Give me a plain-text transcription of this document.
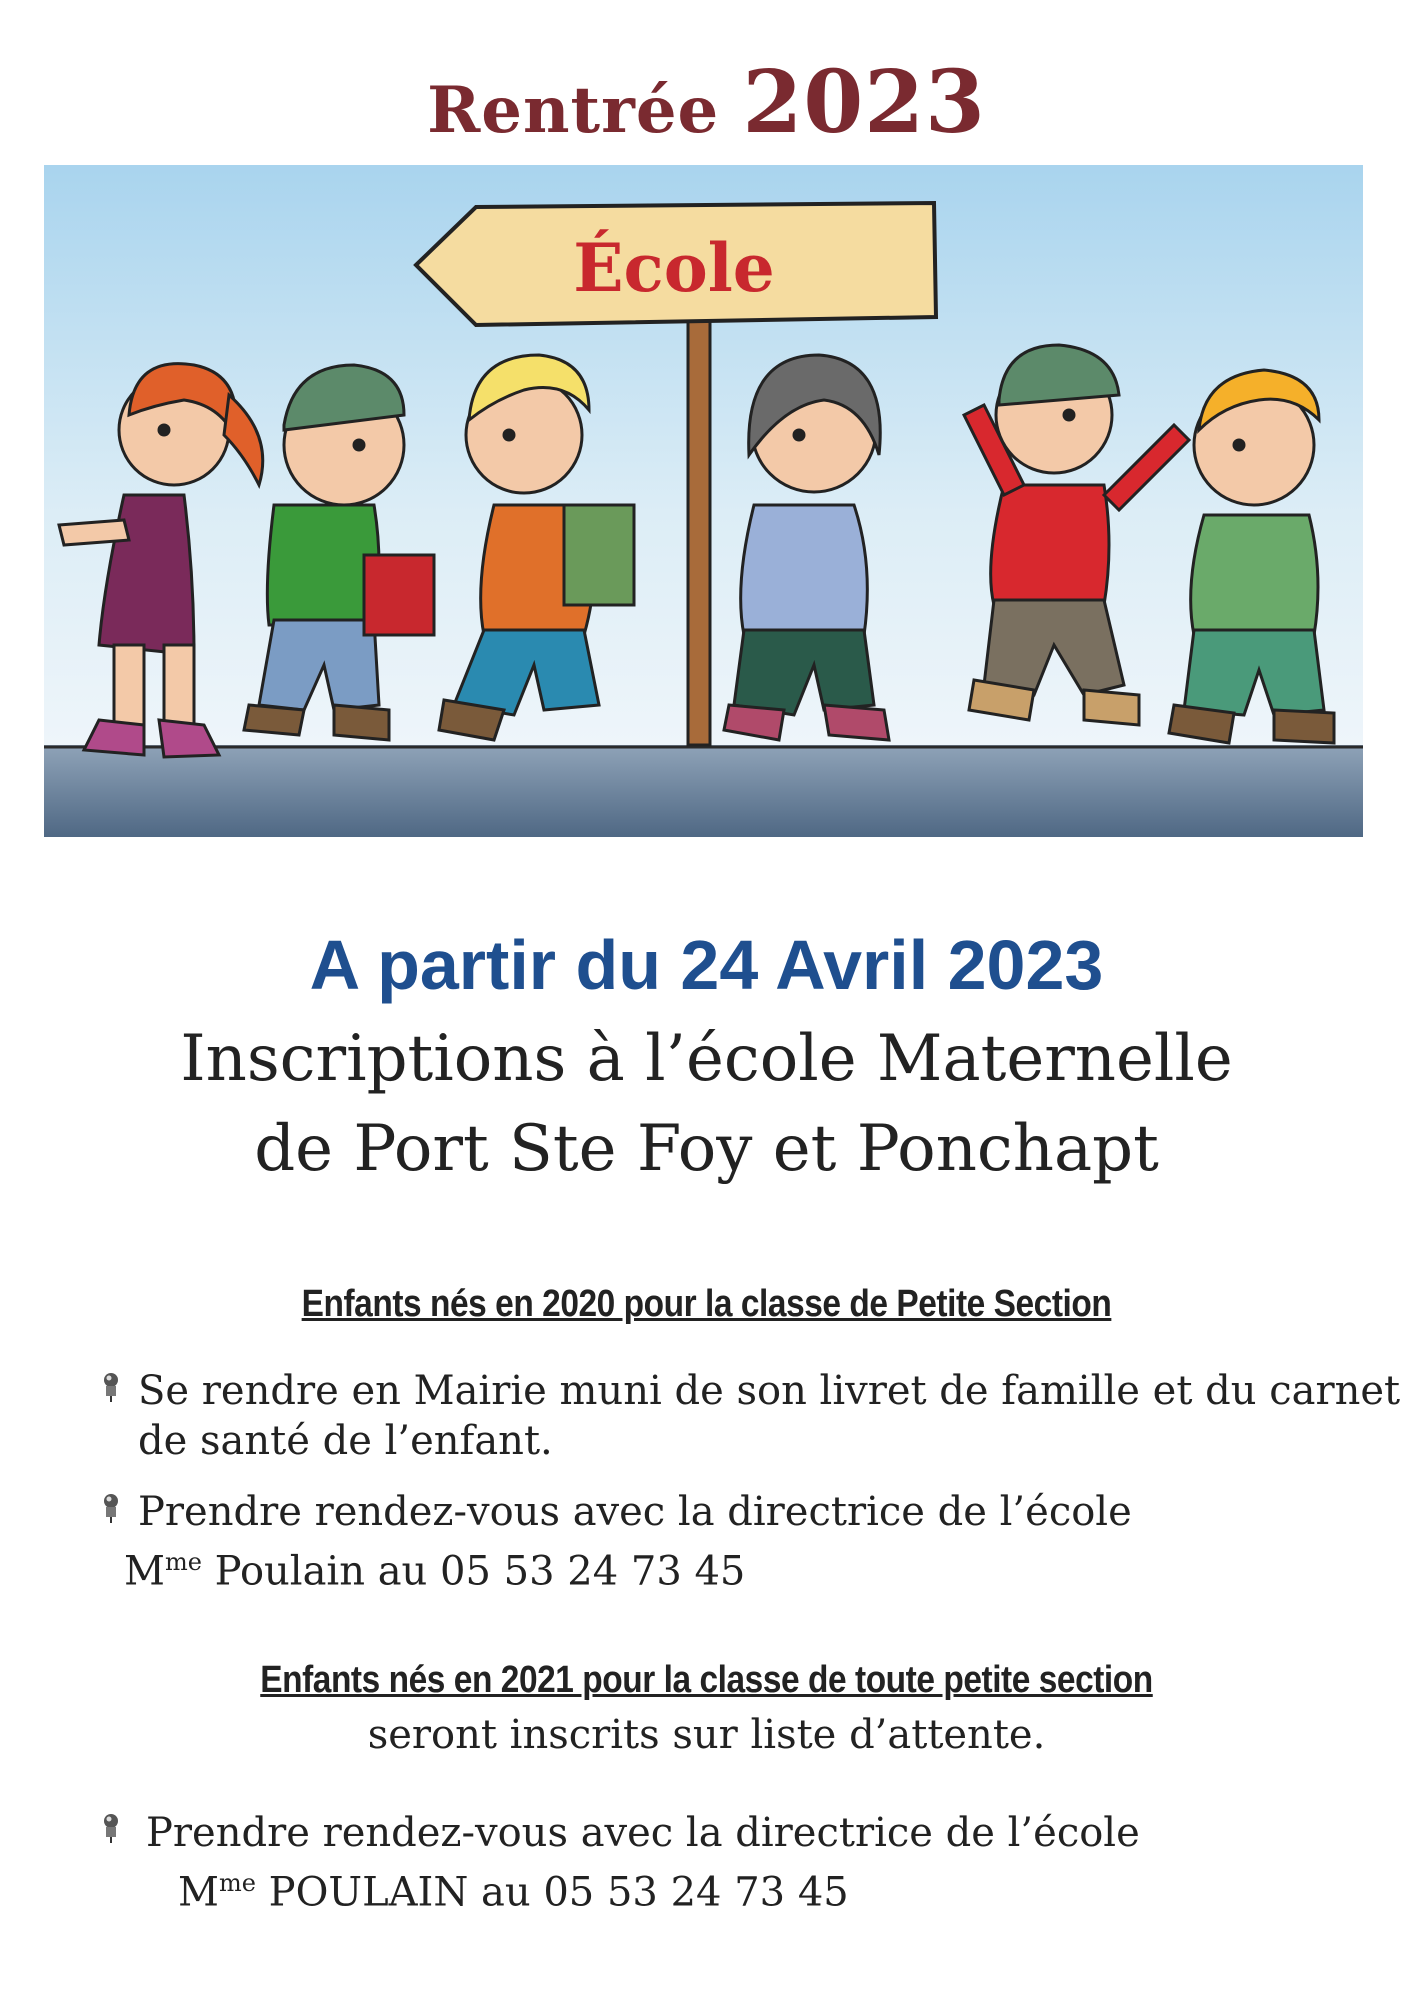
Rentrée 2023
École
A partir du 24 Avril 2023
Inscriptions à l’école Maternelle
de Port Ste Foy et Ponchapt
Enfants nés en 2020 pour la classe de Petite Section
Se rendre en Mairie muni de son livret de famille et du carnet
de santé de l’enfant.
Prendre rendez-vous avec la directrice de l’école
$M^{me}$ Poulain au 05 53 24 73 45
Enfants nés en 2021 pour la classe de toute petite section
seront inscrits sur liste d’attente.
Prendre rendez-vous avec la directrice de l’école
$M^{me}$ POULAIN au 05 53 24 73 45
